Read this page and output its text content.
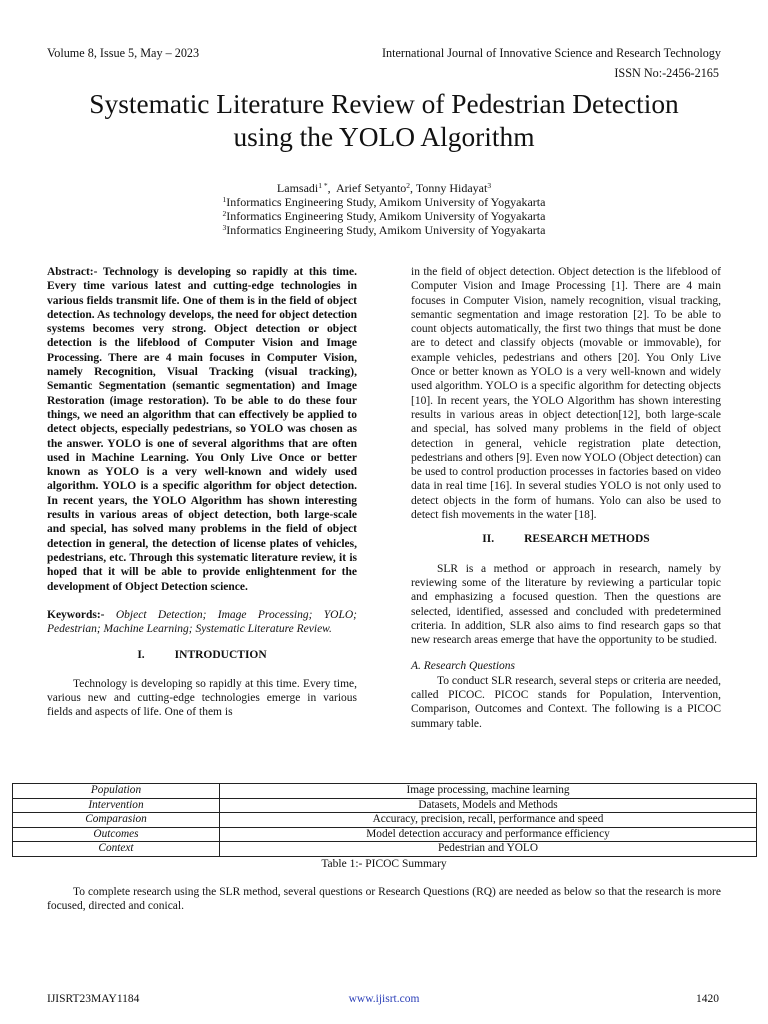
Volume 8, Issue 5, May – 2023	International Journal of Innovative Science and Research Technology
ISSN No:-2456-2165
Systematic Literature Review of Pedestrian Detection
using the YOLO Algorithm
Lamsadi$^{1 *}$,  Arief Setyanto$^2$, Tonny Hidayat$^3$
$^1$Informatics Engineering Study, Amikom University of Yogyakarta
$^2$Informatics Engineering Study, Amikom University of Yogyakarta
$^3$Informatics Engineering Study, Amikom University of Yogyakarta

Abstract:- Technology is developing so rapidly at this time. Every time various latest and cutting-edge technologies in various fields transmit life. One of them is in the field of object detection. As technology develops, the need for object detection systems becomes very strong. Object detection or object detection is the lifeblood of Computer Vision and Image Processing. There are 4 main focuses in Computer Vision, namely Recognition, Visual Tracking (visual tracking), Semantic Segmentation (semantic segmentation) and Image Restoration (image restoration). To be able to do these four things, we need an algorithm that can effectively be applied to detect objects, especially pedestrians, so YOLO was chosen as the answer. YOLO is one of several algorithms that are often used in Machine Learning. You Only Live Once or better known as YOLO is a very well-known and widely used algorithm. YOLO is a specific algorithm for object detection. In recent years, the YOLO Algorithm has shown interesting results in various areas of object detection, both large-scale and special, has solved many problems in the field of object detection in general, the detection of license plates of vehicles, pedestrians, etc. Through this systematic literature review, it is hoped that it will be able to provide enlightenment for the development of Object Detection science.

Keywords:- Object Detection; Image Processing; YOLO; Pedestrian; Machine Learning; Systematic Literature Review.

I.	INTRODUCTION

Technology is developing so rapidly at this time. Every time, various new and cutting-edge technologies emerge in various fields and aspects of life. One of them is

in the field of object detection. Object detection is the lifeblood of Computer Vision and Image Processing [1]. There are 4 main focuses in Computer Vision, namely recognition, visual tracking, semantic segmentation and image restoration [2]. To be able to count objects automatically, the first two things that must be done are to detect and classify objects (movable or immovable), for example vehicles, pedestrians and others [20]. You Only Live Once or better known as YOLO is a very well-known and widely used algorithm. YOLO is a specific algorithm for detecting objects [10]. In recent years, the YOLO Algorithm has shown interesting results in various areas in object detection[12], both large-scale and special, has solved many problems in the field of object detection in general, vehicle registration plate detection, pedestrians and others [9]. Even now YOLO (Object detection) can be used to control production processes in factories based on video data in real time [16]. In several studies YOLO is not only used to detect objects in the form of humans. Yolo can also be used to detect fish movements in the water [18].

II.	RESEARCH METHODS

SLR is a method or approach in research, namely by reviewing some of the literature by reviewing a particular topic and emphasizing a focused question. Then the questions are selected, identified, assessed and concluded with predetermined criteria. In addition, SLR also aims to find research gaps so that new research areas emerge that have the opportunity to be studied.

A. Research Questions

To conduct SLR research, several steps or criteria are needed, called PICOC. PICOC stands for Population, Intervention, Comparison, Outcomes and Context. The following is a PICOC summary table.

Population	Image processing, machine learning
Intervention	Datasets, Models and Methods
Comparasion	Accuracy, precision, recall, performance and speed
Outcomes	Model detection accuracy and performance efficiency
Context	Pedestrian and YOLO
Table 1:- PICOC Summary

To complete research using the SLR method, several questions or Research Questions (RQ) are needed as below so that the research is more focused, directed and conical.

IJISRT23MAY1184	www.ijisrt.com	1420
